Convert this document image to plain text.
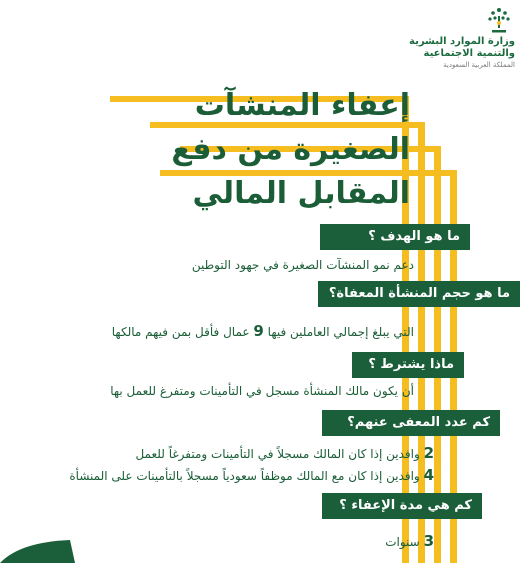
وزارة الموارد البشرية
والتنمية الاجتماعية
المملكة العربية السعودية
إعفاء المنشآت
الصغيرة من دفع
المقابل المالي
ما هو الهدف ؟
دعم نمو المنشآت الصغيرة في جهود التوطين
ما هو حجم المنشأة المعفاة؟
التي يبلغ إجمالي العاملين فيها 9 عمال فأقل بمن فيهم مالكها
ماذا يشترط ؟
أن يكون مالك المنشأة مسجل في التأمينات ومتفرغ للعمل بها
كم عدد المعفى عنهم؟
2 وافدين إذا كان المالك مسجلاً في التأمينات ومتفرغاً للعمل
4 وافدين إذا كان مع المالك موظفاً سعودياً مسجلاً بالتأمينات على المنشأة
كم هي مدة الإعفاء ؟
3 سنوات
